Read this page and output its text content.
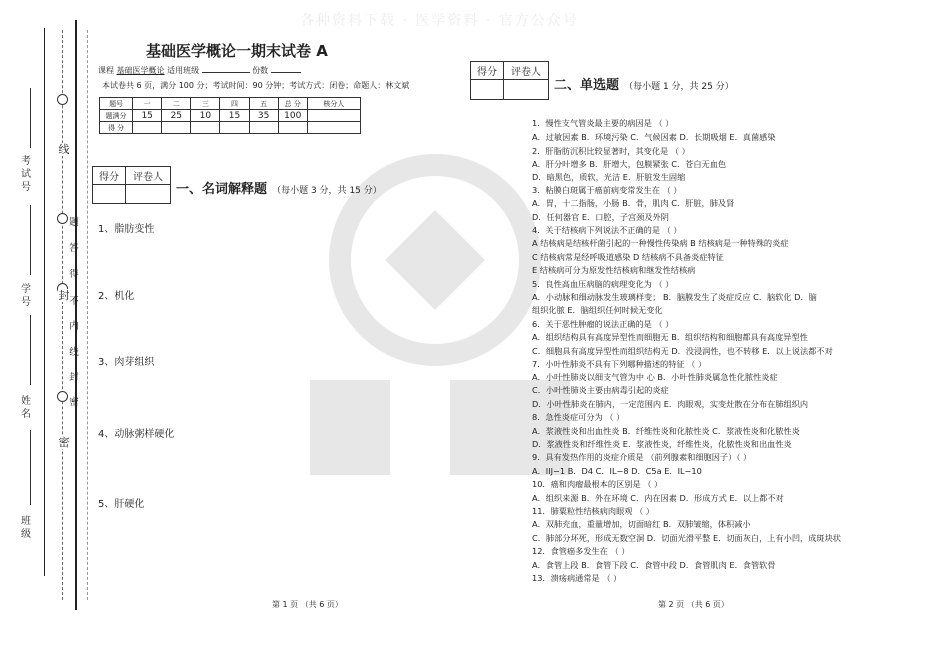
各种资料下载 · 医学资料 · 官方公众号
考试号
学号
姓名
班级
线
封
密
题
答
得
不
内
线
封
密
基础医学概论一期末试卷 A
课程 基础医学概论 适用班级	份数
本试卷共 6 页，满分 100 分；考试时间：90 分钟；考试方式：闭卷；命题人：林文斌
题号	一	二	三	四	五	总 分	核分人
题满分	15	25	10	15	35	100	
得 分							
得分	评卷人

一、名词解释题 （每小题 3 分，共 15 分）
1、脂肪变性
2、机化
3、肉芽组织
4、动脉粥样硬化
5、肝硬化
得分	评卷人

二、单选题 （每小题 1 分，共 25 分）
1．慢性支气管炎最主要的病因是 （ ）
A．过敏因素 B．环境污染 C．气候因素 D．长期吸烟 E．真菌感染
2．肝脂肪沉积比较显著时，其变化是 （ ）
A．肝分叶增多 B．肝增大，包膜紧张 C．苍白无血色
D．暗黑色，质软，光洁 E．肝脏发生固缩
3．粘膜白斑属于癌前病变常发生在 （ ）
A．胃，十二指肠，小肠 B．骨，肌肉 C．肝脏，肺及肾
D．任何器官 E．口腔，子宫颈及外阴
4．关于结核病下列说法不正确的是 （ ）
A 结核病是结核杆菌引起的一种慢性传染病 B 结核病是一种特殊的炎症
C 结核病常是经呼吸道感染 D 结核病不具备炎症特征
E 结核病可分为原发性结核病和继发性结核病
5．良性高血压病脑的病理变化为 （ ）
A．小动脉和细动脉发生玻璃样变； B．脑膜发生了炎症反应 C．脑软化 D．脑
组织化脓 E．脑组织任何时候无变化
6．关于恶性肿瘤的说法正确的是 （ ）
A．组织结构具有高度异型性而细胞无 B．组织结构和细胞都具有高度异型性
C．细胞具有高度异型性而组织结构无 D．没浸润性，也不转移 E．以上说法都不对
7．小叶性肺炎不具有下列哪种描述的特征 （ ）
A．小叶性肺炎以细支气管为中 心 B．小叶性肺炎属急性化脓性炎症
C．小叶性肺炎主要由病毒引起的炎症
D．小叶性肺炎在肺内，一定范围内 E．肉眼观，实变灶散在分布在肺组织内
8．急性炎症可分为 （ ）
A．浆液性炎和出血性炎 B．纤维性炎和化脓性炎 C．浆液性炎和化脓性炎
D．浆液性炎和纤维性炎 E．浆液性炎，纤维性炎，化脓性炎和出血性炎
9．具有发热作用的炎症介质是 （前列腺素和细胞因子）（ ）
A．IIJ−1 B．D4 C．IL−8 D．C5a E．IL−10
10．癌和肉瘤最根本的区别是 （ ）
A．组织来源 B．外在环境 C．内在因素 D．形成方式 E．以上都不对
11．肺粟粒性结核病肉眼观 （ ）
A．双肺充血，重量增加，切面暗红 B．双肺皱缩，体积减小
C．肺部分坏死，形成无数空洞 D．切面光滑平整 E．切面灰白，上有小凹，成斑块状
12．食管癌多发生在 （ ）
A．食管上段 B．食管下段 C．食管中段 D．食管肌肉 E．食管软骨
13．溃疡病通常是 （ ）
第 1 页 （共 6 页）	第 2 页 （共 6 页）
